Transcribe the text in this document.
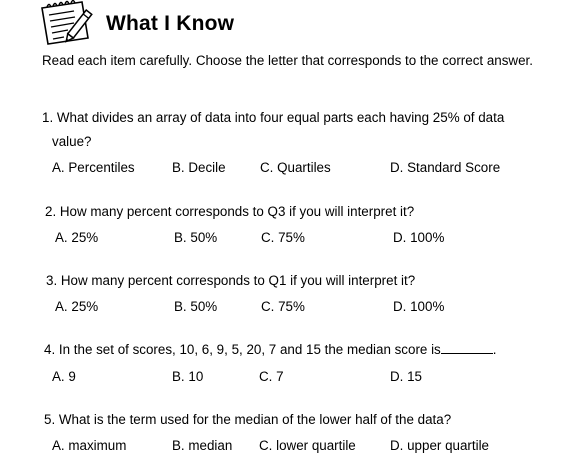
What I Know
Read each item carefully. Choose the letter that corresponds to the correct answer.
1. What divides an array of data into four equal parts each having 25% of data
value?
A. Percentiles	B. Decile	C. Quartiles	D. Standard Score
2. How many percent corresponds to Q3 if you will interpret it?
A. 25%	B. 50%	C. 75%	D. 100%
3. How many percent corresponds to Q1 if you will interpret it?
A. 25%	B. 50%	C. 75%	D. 100%
4. In the set of scores, 10, 6, 9, 5, 20, 7 and 15 the median score is	.
A. 9	B. 10	C. 7	D. 15
5. What is the term used for the median of the lower half of the data?
A. maximum	B. median C. lower quartile	D. upper quartile
